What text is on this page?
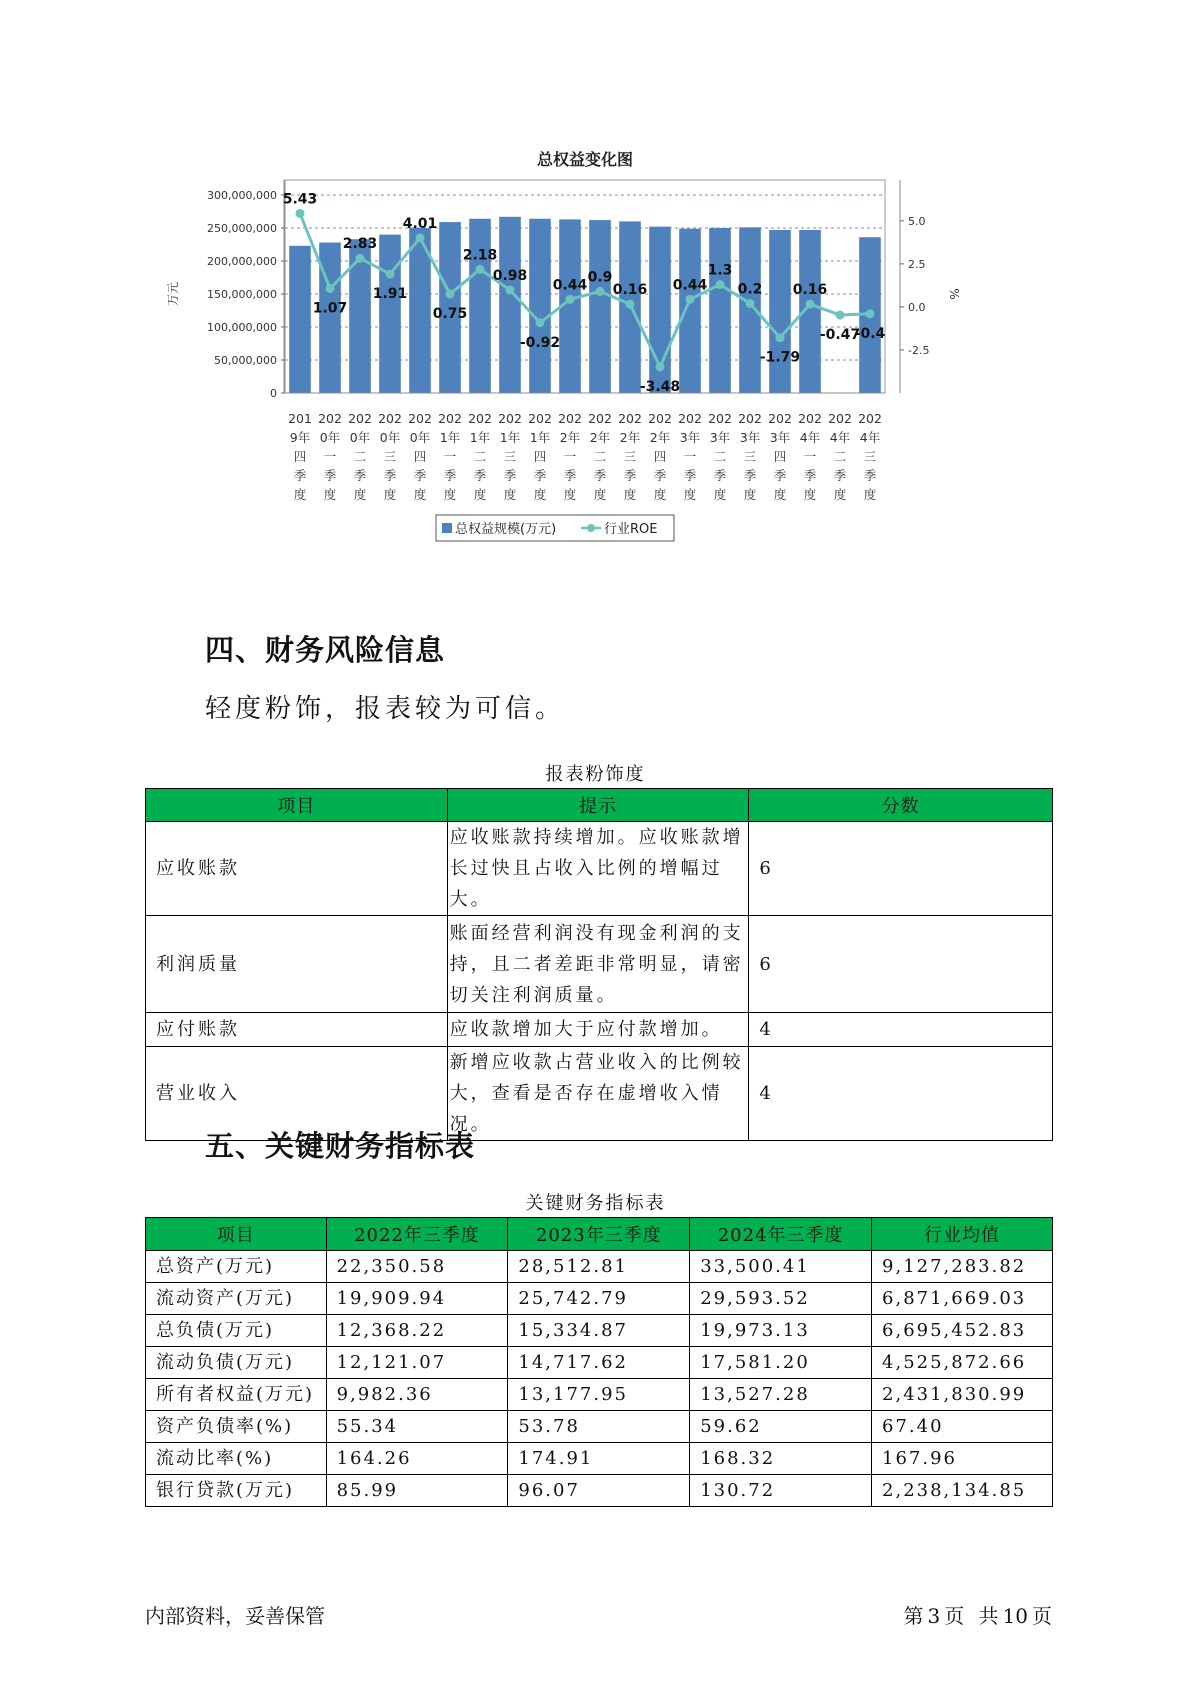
总权益变化图
0
50,000,000
100,000,000
150,000,000
200,000,000
250,000,000
300,000,000
万元
-2.5
0.0
2.5
5.0
%
5.43
1.07
2.83
1.91
4.01
0.75
2.18
0.98
-0.92
0.44 0.9
0.16
-3.48
0.44
1.3
0.2
-1.79
0.16
-0.47
-0.4
201
9年
四
季
度
202
0年
一
季
度
202
0年
二
季
度
202
0年
三
季
度
202
0年
四
季
度
202
1年
一
季
度
202
1年
二
季
度
202
1年
三
季
度
202
1年
四
季
度
202
2年
一
季
度
202
2年
二
季
度
202
2年
三
季
度
202
2年
四
季
度
202
3年
一
季
度
202
3年
二
季
度
202
3年
三
季
度
202
3年
四
季
度
202
4年
一
季
度
202
4年
二
季
度
202
4年
三
季
度
总权益规模(万元)	行业ROE
四、财务风险信息

轻度粉饰，报表较为可信。

报表粉饰度
项目	提示	分数
应收账款	应收账款持续增加。应收账款增长过快且占收入比例的增幅过大。	6
利润质量	账面经营利润没有现金利润的支持，且二者差距非常明显，请密切关注利润质量。	6
应付账款	应收款增加大于应付款增加。	4
营业收入	新增应收款占营业收入的比例较大，查看是否存在虚增收入情况。	4
五、关键财务指标表
关键财务指标表
项目	2022年三季度	2023年三季度	2024年三季度	行业均值
总资产(万元)	22,350.58	28,512.81	33,500.41	9,127,283.82
流动资产(万元)	19,909.94	25,742.79	29,593.52	6,871,669.03
总负债(万元)	12,368.22	15,334.87	19,973.13	6,695,452.83
流动负债(万元)	12,121.07	14,717.62	17,581.20	4,525,872.66
所有者权益(万元)	9,982.36	13,177.95	13,527.28	2,431,830.99
资产负债率(%)	55.34	53.78	59.62	67.40
流动比率(%)	164.26	174.91	168.32	167.96
银行贷款(万元)	85.99	96.07	130.72	2,238,134.85
内部资料，妥善保管	第 3 页 共 10 页
